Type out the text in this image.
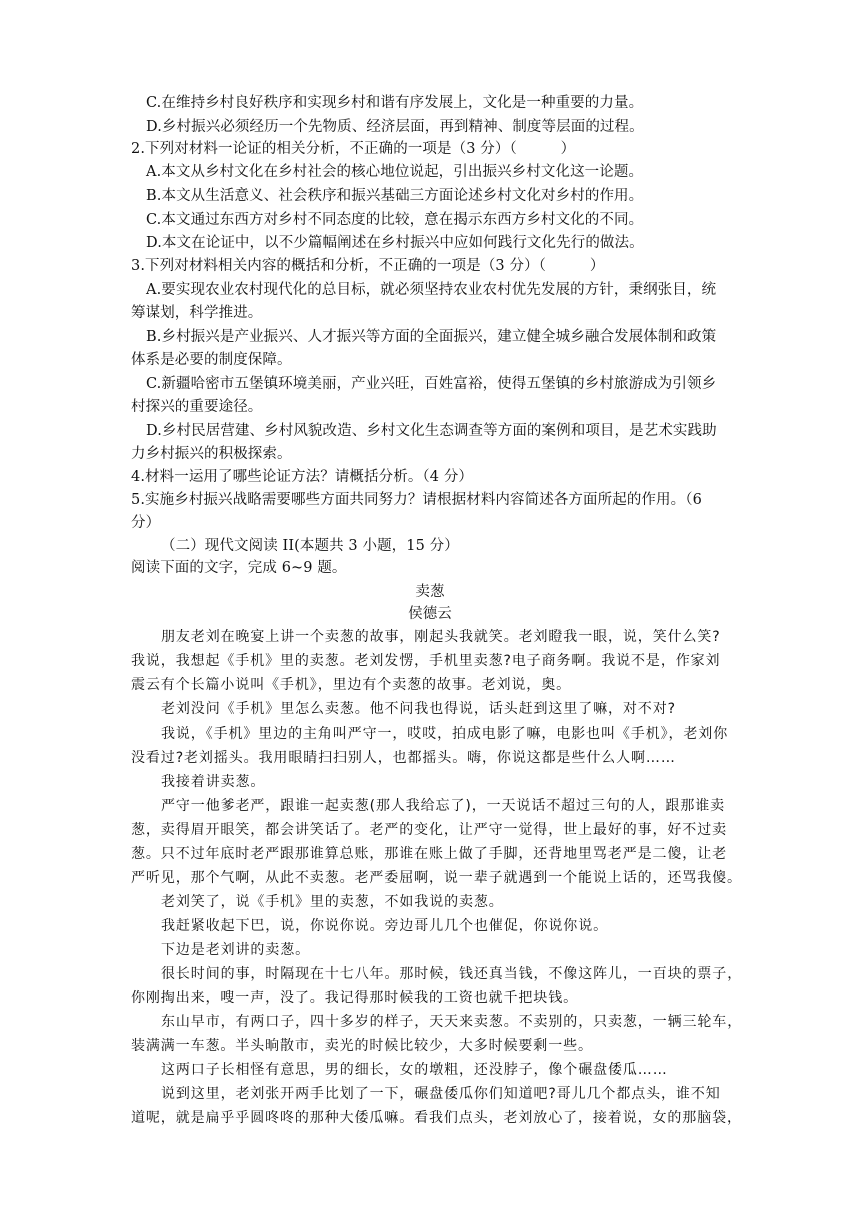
C.在维持乡村良好秩序和实现乡村和谐有序发展上，文化是一种重要的力量。
D.乡村振兴必须经历一个先物质、经济层面，再到精神、制度等层面的过程。
2.下列对材料一论证的相关分析，不正确的一项是（3 分）（　　　）
A.本文从乡村文化在乡村社会的核心地位说起，引出振兴乡村文化这一论题。
B.本文从生活意义、社会秩序和振兴基础三方面论述乡村文化对乡村的作用。
C.本文通过东西方对乡村不同态度的比较，意在揭示东西方乡村文化的不同。
D.本文在论证中，以不少篇幅阐述在乡村振兴中应如何践行文化先行的做法。
3.下列对材料相关内容的概括和分析，不正确的一项是（3 分）（　　　）
A.要实现农业农村现代化的总目标，就必须坚持农业农村优先发展的方针，秉纲张目，统
筹谋划，科学推进。
B.乡村振兴是产业振兴、人才振兴等方面的全面振兴，建立健全城乡融合发展体制和政策
体系是必要的制度保障。
C.新疆哈密市五堡镇环境美丽，产业兴旺，百姓富裕，使得五堡镇的乡村旅游成为引领乡
村探兴的重要途径。
D.乡村民居营建、乡村风貌改造、乡村文化生态调查等方面的案例和项目，是艺术实践助
力乡村振兴的积极探索。
4.材料一运用了哪些论证方法？请概括分析。（4 分）
5.实施乡村振兴战略需要哪些方面共同努力？请根据材料内容简述各方面所起的作用。（6
分）
（二）现代文阅读 II(本题共 3 小题，15 分）
阅读下面的文字，完成 6~9 题。
卖葱
侯德云
朋友老刘在晚宴上讲一个卖葱的故事，刚起头我就笑。老刘瞪我一眼，说，笑什么笑?
我说，我想起《手机》里的卖葱。老刘发愣，手机里卖葱?电子商务啊。我说不是，作家刘
震云有个长篇小说叫《手机》，里边有个卖葱的故事。老刘说，奥。
老刘没问《手机》里怎么卖葱。他不问我也得说，话头赶到这里了嘛，对不对?
我说，《手机》里边的主角叫严守一，哎哎，拍成电影了嘛，电影也叫《手机》，老刘你
没看过?老刘摇头。我用眼睛扫扫别人，也都摇头。嗨，你说这都是些什么人啊……
我接着讲卖葱。
严守一他爹老严，跟谁一起卖葱(那人我给忘了)，一天说话不超过三句的人，跟那谁卖
葱，卖得眉开眼笑，都会讲笑话了。老严的变化，让严守一觉得，世上最好的事，好不过卖
葱。只不过年底时老严跟那谁算总账，那谁在账上做了手脚，还背地里骂老严是二傻，让老
严听见，那个气啊，从此不卖葱。老严委屈啊，说一辈子就遇到一个能说上话的，还骂我傻。
老刘笑了，说《手机》里的卖葱，不如我说的卖葱。
我赶紧收起下巴，说，你说你说。旁边哥儿几个也催促，你说你说。
下边是老刘讲的卖葱。
很长时间的事，时隔现在十七八年。那时候，钱还真当钱，不像这阵儿，一百块的票子，
你刚掏出来，嗖一声，没了。我记得那时候我的工资也就千把块钱。
东山早市，有两口子，四十多岁的样子，天天来卖葱。不卖别的，只卖葱，一辆三轮车，
装满满一车葱。半头晌散市，卖光的时候比较少，大多时候要剩一些。
这两口子长相怪有意思，男的细长，女的墩粗，还没脖子，像个碾盘倭瓜……
说到这里，老刘张开两手比划了一下，碾盘倭瓜你们知道吧?哥儿几个都点头，谁不知
道呢，就是扁乎乎圆咚咚的那种大倭瓜嘛。看我们点头，老刘放心了，接着说，女的那脑袋，
